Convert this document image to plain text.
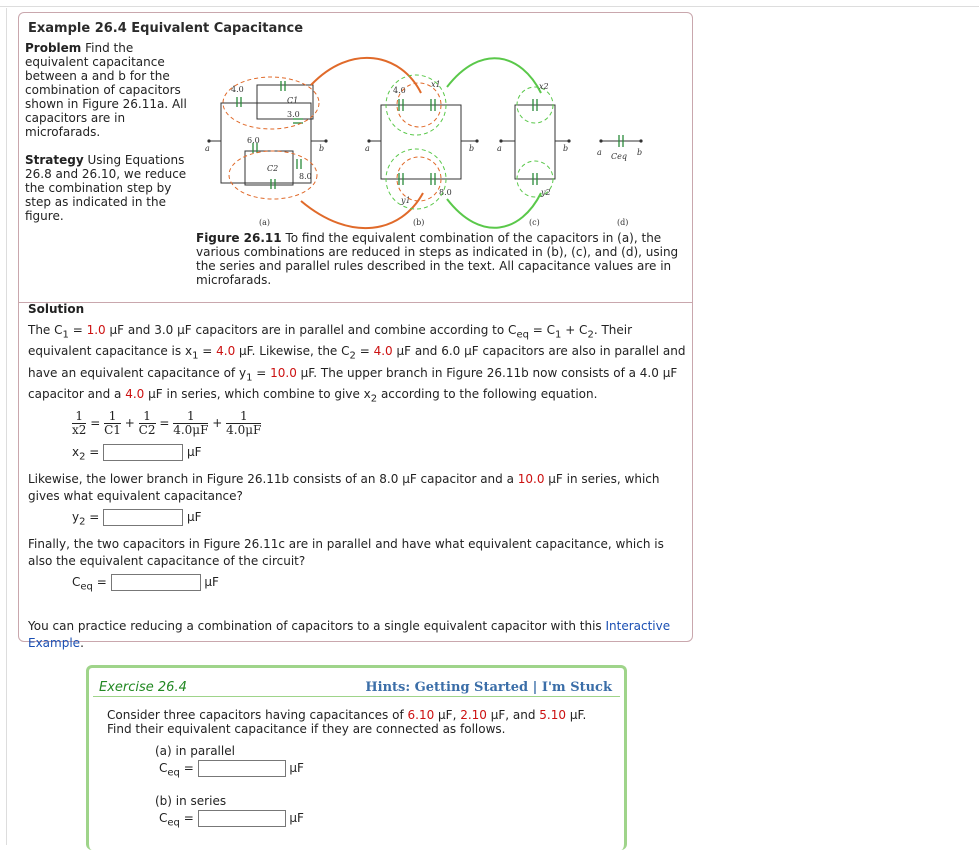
Example 26.4 Equivalent Capacitance
Problem Find the equivalent capacitance between a and b for the combination of capacitors shown in Figure 26.11a. All capacitors are in microfarads.
Strategy Using Equations 26.8 and 26.10, we reduce the combination step by step as indicated in the figure.
a
4.0
C1
3.0
6.0
C2
8.0
b
(a)
a
4.0
x1
8.0
y1
b
(b)
a	b
x2
y2
(c)
a Ceq b
(d)
Figure 26.11 To find the equivalent combination of the capacitors in (a), the various combinations are reduced in steps as indicated in (b), (c), and (d), using the series and parallel rules described in the text. All capacitance values are in microfarads.
Solution
The $C_1 = 1.0$ μF and 3.0 μF capacitors are in parallel and combine according to $C_{eq} = C_1 + C_2$. Their equivalent capacitance is $x_1 = 4.0$ μF. Likewise, the $C_2 = 4.0$ μF and 6.0 μF capacitors are also in parallel and have an equivalent capacitance of $y_1 = 10.0$ μF. The upper branch in Figure 26.11b now consists of a 4.0 μF capacitor and a 4.0 μF in series, which combine to give $x_2$ according to the following equation.
$\frac{1}{x2} = \frac{1}{C1} + \frac{1}{C2} = \frac{1}{4.0\mu F} + \frac{1}{4.0\mu F}$
$x_2$ =	μF
Likewise, the lower branch in Figure 26.11b consists of an 8.0 μF capacitor and a 10.0 μF in series, which gives what equivalent capacitance?
$y_2$ =	μF
Finally, the two capacitors in Figure 26.11c are in parallel and have what equivalent capacitance, which is also the equivalent capacitance of the circuit?
$C_{eq}$ =	μF
You can practice reducing a combination of capacitors to a single equivalent capacitor with this Interactive Example.
Exercise 26.4	Hints: Getting Started | I'm Stuck
Consider three capacitors having capacitances of 6.10 μF, 2.10 μF, and 5.10 μF.
Find their equivalent capacitance if they are connected as follows.
(a) in parallel
$C_{eq}$ =	μF
(b) in series
$C_{eq}$ =	μF
